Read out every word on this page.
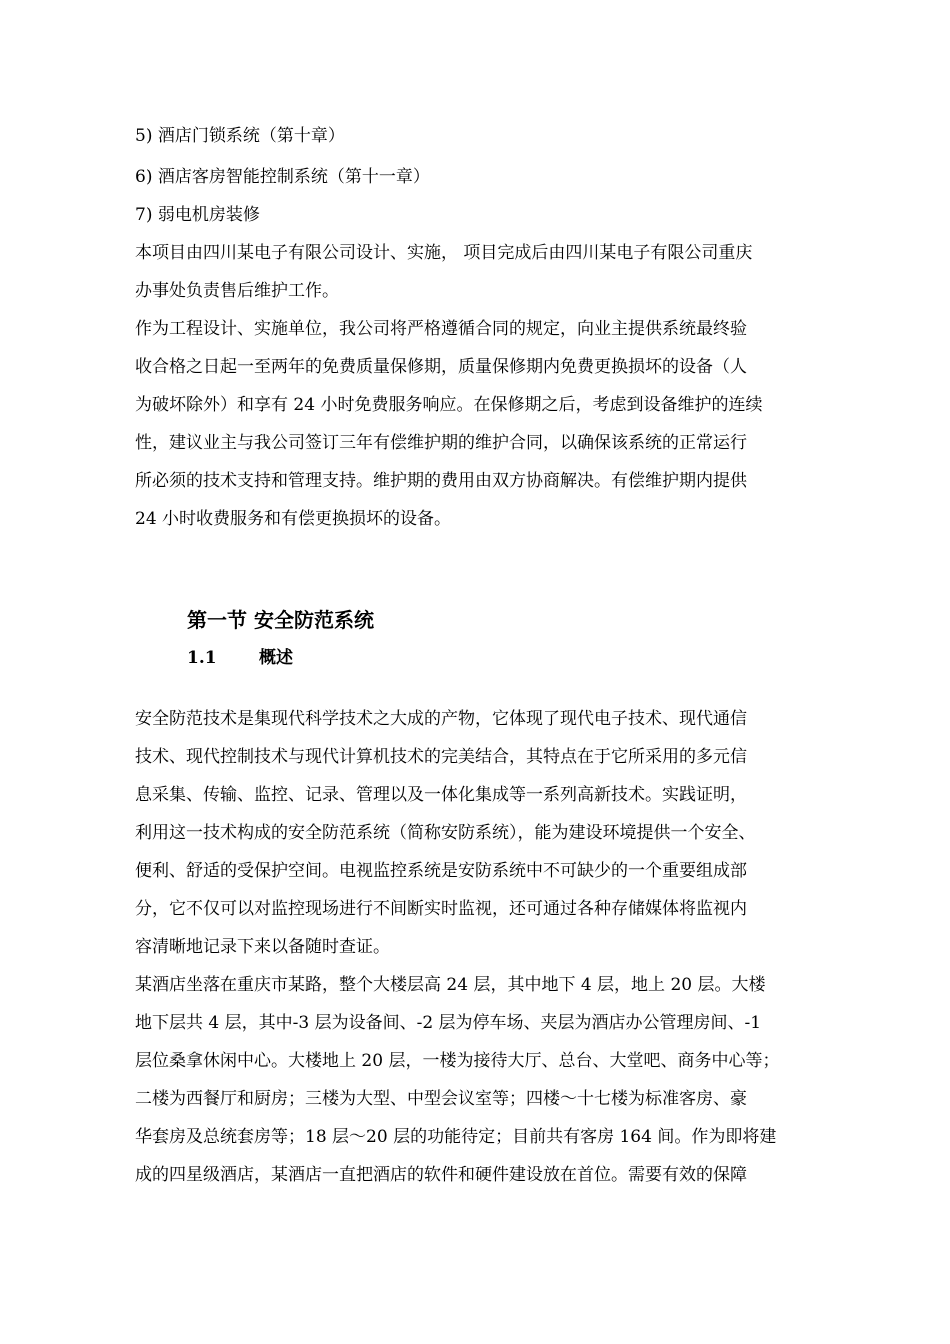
5) 酒店门锁系统（第十章）
6) 酒店客房智能控制系统（第十一章）
7) 弱电机房装修
本项目由四川某电子有限公司设计、实施， 项目完成后由四川某电子有限公司重庆
办事处负责售后维护工作。
作为工程设计、实施单位，我公司将严格遵循合同的规定，向业主提供系统最终验
收合格之日起一至两年的免费质量保修期，质量保修期内免费更换损坏的设备（人
为破坏除外）和享有 24 小时免费服务响应。在保修期之后，考虑到设备维护的连续
性，建议业主与我公司签订三年有偿维护期的维护合同，以确保该系统的正常运行
所必须的技术支持和管理支持。维护期的费用由双方协商解决。有偿维护期内提供
24 小时收费服务和有偿更换损坏的设备。
第一节 安全防范系统
1.1 概述
安全防范技术是集现代科学技术之大成的产物，它体现了现代电子技术、现代通信
技术、现代控制技术与现代计算机技术的完美结合，其特点在于它所采用的多元信
息采集、传输、监控、记录、管理以及一体化集成等一系列高新技术。实践证明，
利用这一技术构成的安全防范系统（简称安防系统），能为建设环境提供一个安全、
便利、舒适的受保护空间。电视监控系统是安防系统中不可缺少的一个重要组成部
分，它不仅可以对监控现场进行不间断实时监视，还可通过各种存储媒体将监视内
容清晰地记录下来以备随时查证。
某酒店坐落在重庆市某路，整个大楼层高 24 层，其中地下 4 层，地上 20 层。大楼
地下层共 4 层，其中-3 层为设备间、-2 层为停车场、夹层为酒店办公管理房间、-1
层位桑拿休闲中心。大楼地上 20 层，一楼为接待大厅、总台、大堂吧、商务中心等；
二楼为西餐厅和厨房；三楼为大型、中型会议室等；四楼～十七楼为标准客房、豪
华套房及总统套房等；18 层～20 层的功能待定；目前共有客房 164 间。作为即将建
成的四星级酒店，某酒店一直把酒店的软件和硬件建设放在首位。需要有效的保障
